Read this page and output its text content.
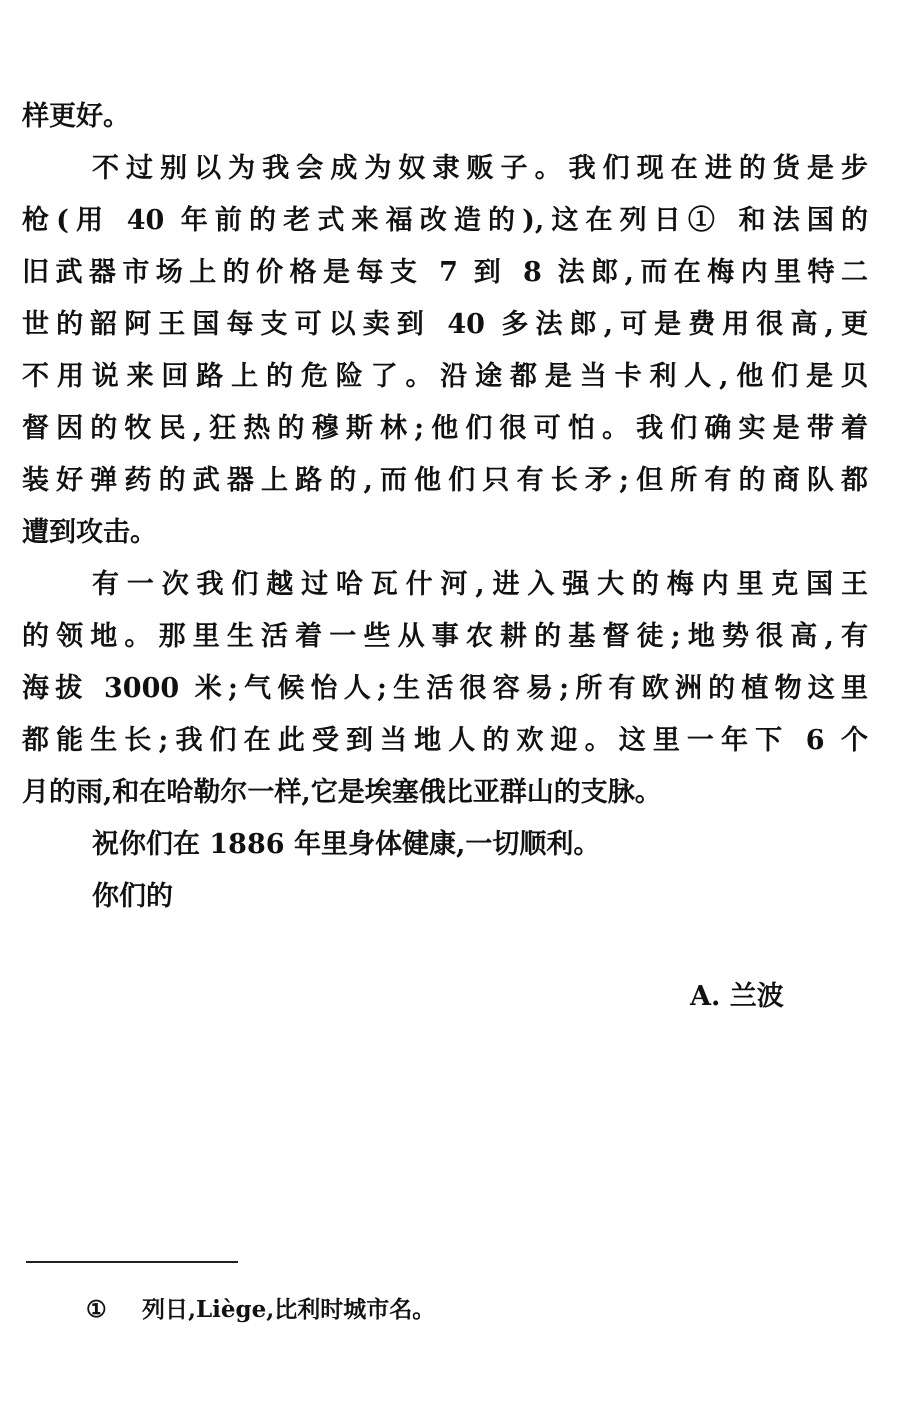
样更好。
不过别以为我会成为奴隶贩子。我们现在进的货是步
枪(用 40 年前的老式来福改造的),这在列日① 和法国的
旧武器市场上的价格是每支 7 到 8 法郎,而在梅内里特二
世的韶阿王国每支可以卖到 40 多法郎,可是费用很高,更
不用说来回路上的危险了。沿途都是当卡利人,他们是贝
督因的牧民,狂热的穆斯林;他们很可怕。我们确实是带着
装好弹药的武器上路的,而他们只有长矛;但所有的商队都
遭到攻击。
有一次我们越过哈瓦什河,进入强大的梅内里克国王
的领地。那里生活着一些从事农耕的基督徒;地势很高,有
海拔 3000 米;气候怡人;生活很容易;所有欧洲的植物这里
都能生长;我们在此受到当地人的欢迎。这里一年下 6 个
月的雨,和在哈勒尔一样,它是埃塞俄比亚群山的支脉。
祝你们在 1886 年里身体健康,一切顺利。
你们的
A. 兰波
① 列日,Liège,比利时城市名。
